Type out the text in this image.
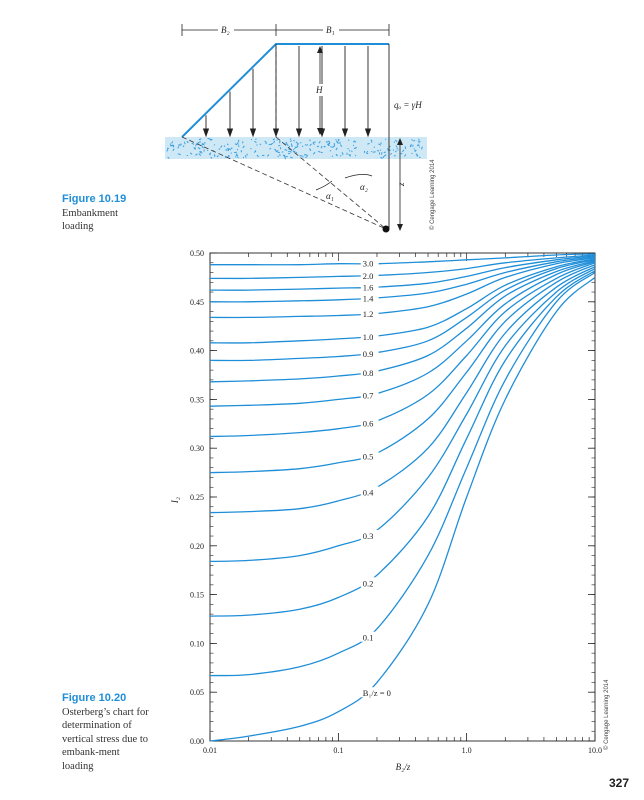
B₂	B₁
H
qₒ = γH
z
α₁
α₂	© Cengage Learning 2014
0.00
0.05
0.10
0.15
0.20
0.25
0.30
0.35
0.40
0.45
0.50
0.01	0.1	1.0	10.0
B₁/z = 0
0.1
0.2
0.3
0.4
0.5
0.6
0.7
0.8
0.9
1.0
1.2
1.4
1.6
2.0
3.0
I₂
B₂/z
© Cengage Learning 2014
Figure 10.19
Embankment loading
Figure 10.20
Osterberg’s chart for determination of vertical stress due to embank-ment loading
327
